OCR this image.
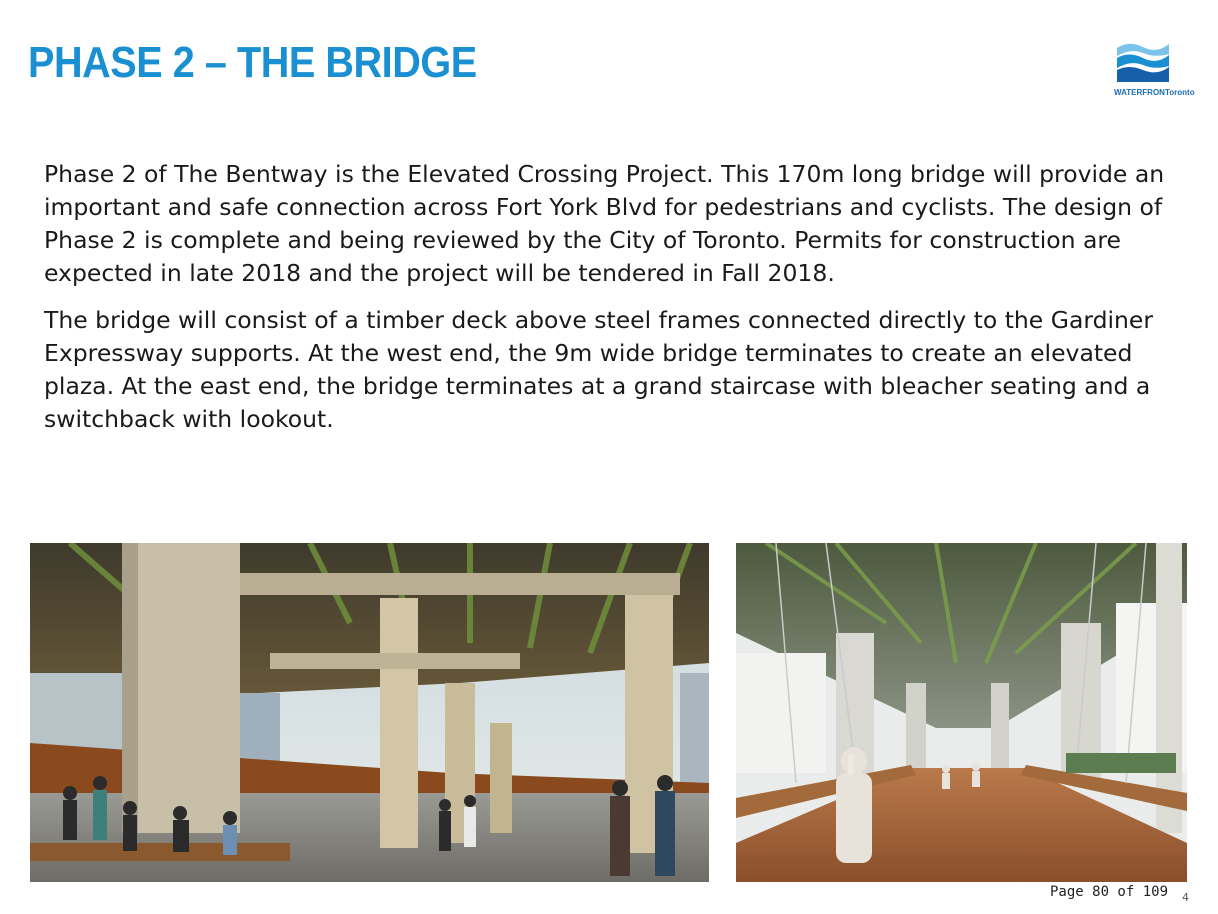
PHASE 2 – THE BRIDGE
WATERFRONToronto

Phase 2 of The Bentway is the Elevated Crossing Project. This 170m long bridge will provide an important and safe connection across Fort York Blvd for pedestrians and cyclists. The design of Phase 2 is complete and being reviewed by the City of Toronto. Permits for construction are expected in late 2018 and the project will be tendered in Fall 2018.

The bridge will consist of a timber deck above steel frames connected directly to the Gardiner Expressway supports. At the west end, the 9m wide bridge terminates to create an elevated plaza. At the east end, the bridge terminates at a grand staircase with bleacher seating and a switchback with lookout.

Page 80 of 109 4
